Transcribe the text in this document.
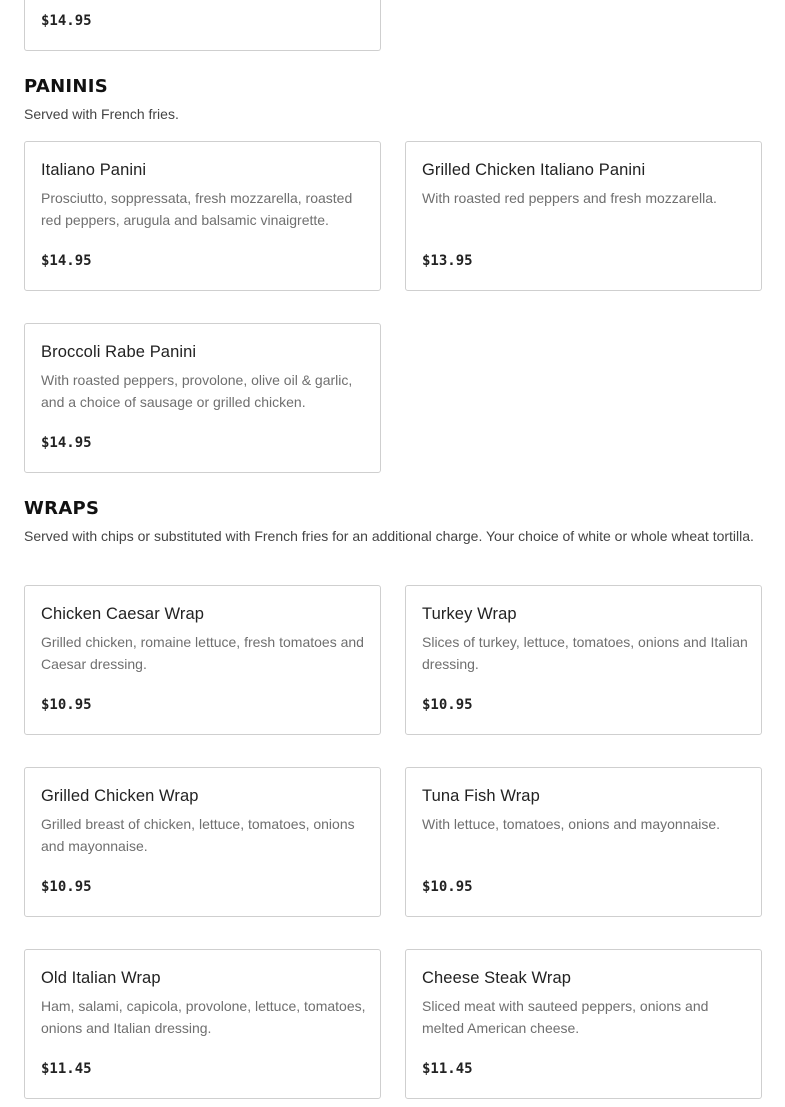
$14.95
PANINIS

Served with French fries.

Italiano Panini
Prosciutto, soppressata, fresh mozzarella, roasted red peppers, arugula and balsamic vinaigrette.
$14.95
Grilled Chicken Italiano Panini
With roasted red peppers and fresh mozzarella.
$13.95
Broccoli Rabe Panini
With roasted peppers, provolone, olive oil & garlic, and a choice of sausage or grilled chicken.
$14.95
WRAPS

Served with chips or substituted with French fries for an additional charge. Your choice of white or whole wheat tortilla.

Chicken Caesar Wrap
Grilled chicken, romaine lettuce, fresh tomatoes and Caesar dressing.
$10.95
Turkey Wrap
Slices of turkey, lettuce, tomatoes, onions and Italian dressing.
$10.95
Grilled Chicken Wrap
Grilled breast of chicken, lettuce, tomatoes, onions and mayonnaise.
$10.95
Tuna Fish Wrap
With lettuce, tomatoes, onions and mayonnaise.
$10.95
Old Italian Wrap
Ham, salami, capicola, provolone, lettuce, tomatoes, onions and Italian dressing.
$11.45
Cheese Steak Wrap
Sliced meat with sauteed peppers, onions and melted American cheese.
$11.45
